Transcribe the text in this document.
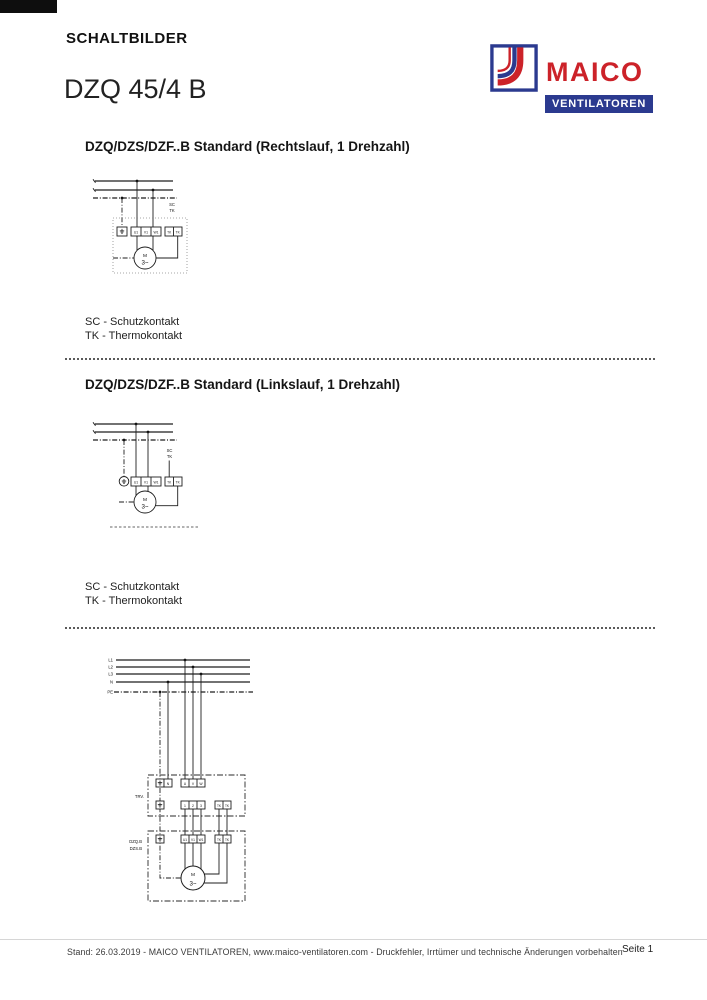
SCHALTBILDER
DZQ 45/4 B
MAICO
VENTILATOREN
DZQ/DZS/DZF..B Standard (Rechtslauf, 1 Drehzahl)
SC
TK
U1 V1 W1	TK TK
M
3~
SC - Schutzkontakt
TK - Thermokontakt
DZQ/DZS/DZF..B Standard (Linkslauf, 1 Drehzahl)
SC
TK
U1 V1 W1	TK TK
M
3~
SC - Schutzkontakt
TK - Thermokontakt
L1
L2
L3
N
PE
TRV.
N	U V W
1 2 3	TK TK
DZQ.B
DZS.B
U1 V1 W1	TK TK
M
3~
Stand: 26.03.2019 - MAICO VENTILATOREN, www.maico-ventilatoren.com - Druckfehler, Irrtümer und technische Änderungen vorbehalten Seite 1
